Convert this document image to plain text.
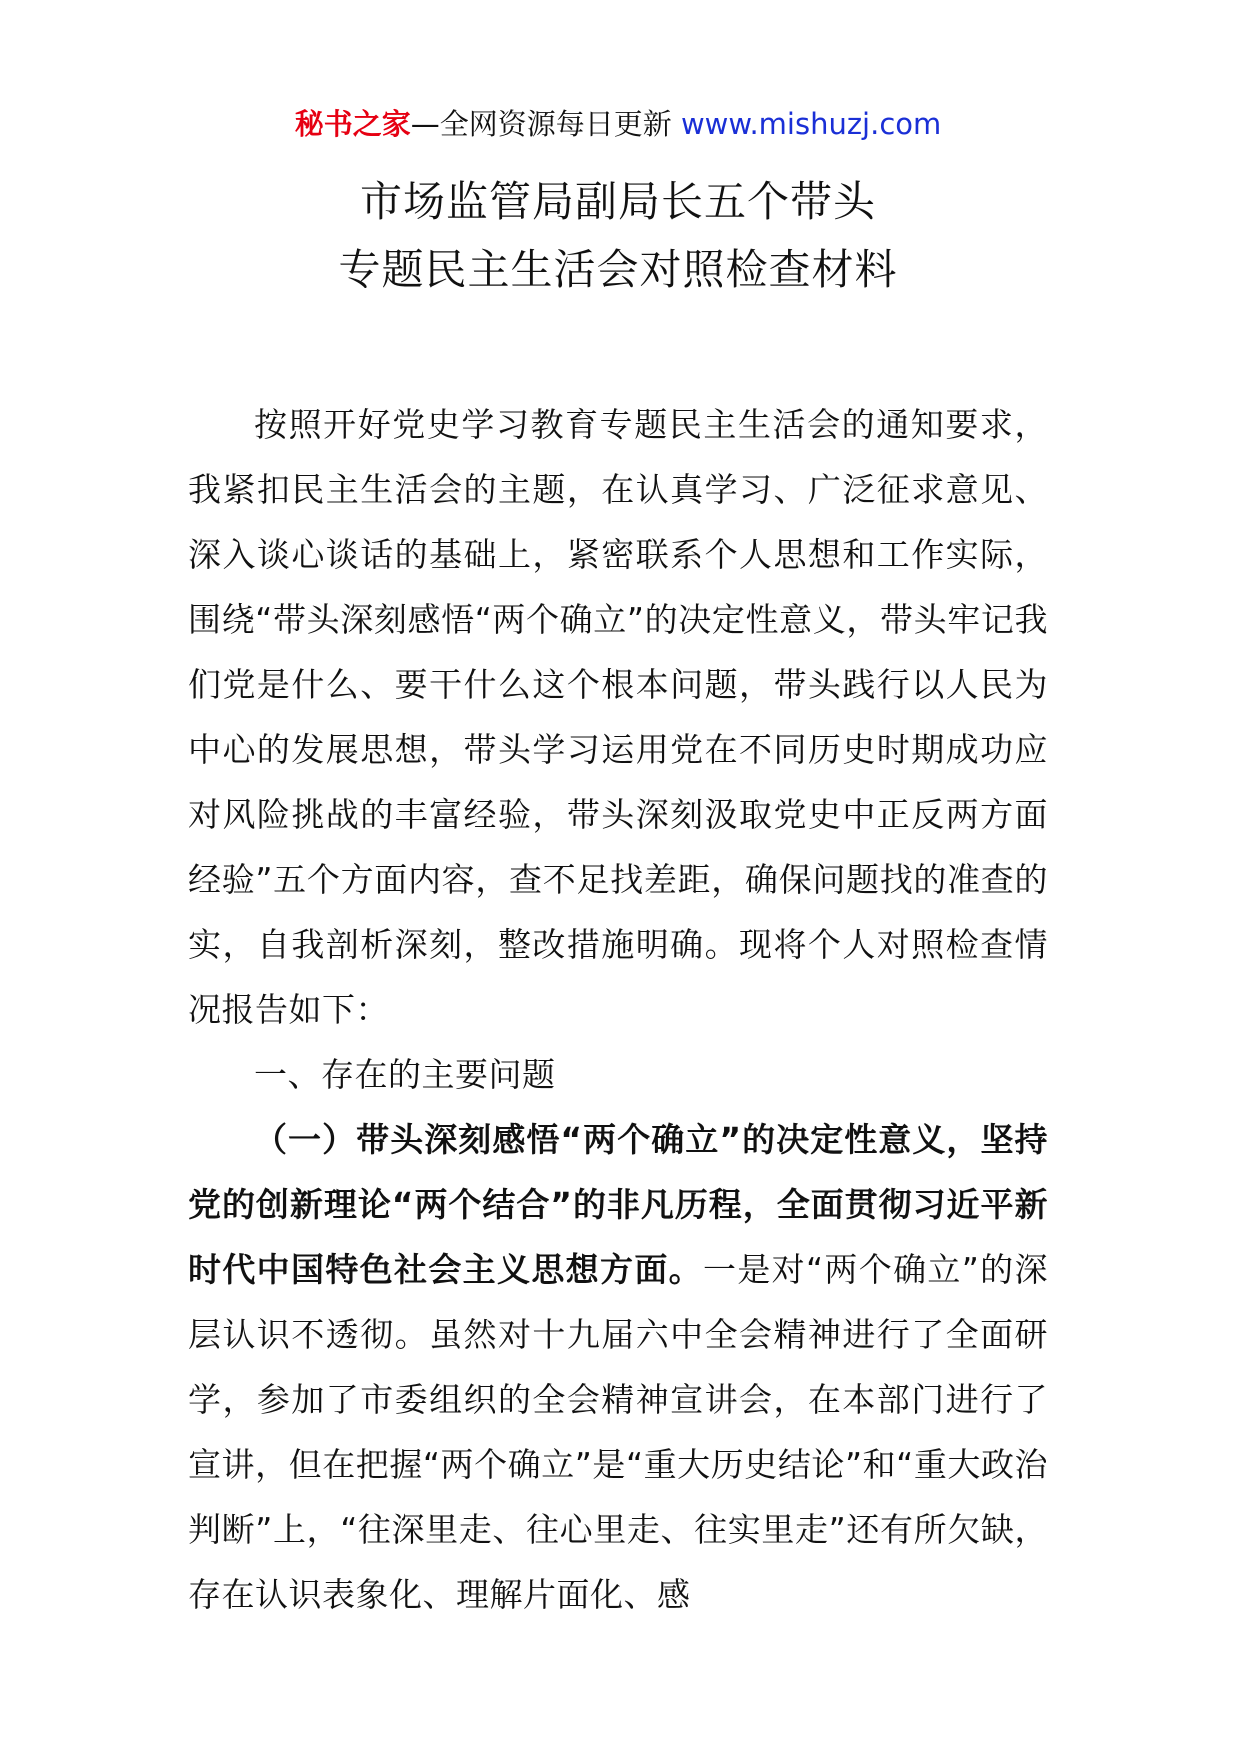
秘书之家—全网资源每日更新 www.mishuzj.com
市场监管局副局长五个带头
专题民主生活会对照检查材料

按照开好党史学习教育专题民主生活会的通知要求，我紧扣民主生活会的主题，在认真学习、广泛征求意见、深入谈心谈话的基础上，紧密联系个人思想和工作实际，围绕“带头深刻感悟“两个确立”的决定性意义，带头牢记我们党是什么、要干什么这个根本问题，带头践行以人民为中心的发展思想，带头学习运用党在不同历史时期成功应对风险挑战的丰富经验，带头深刻汲取党史中正反两方面经验”五个方面内容，查不足找差距，确保问题找的准查的实，自我剖析深刻，整改措施明确。现将个人对照检查情况报告如下：

一、存在的主要问题

（一）带头深刻感悟“两个确立”的决定性意义，坚持党的创新理论“两个结合”的非凡历程，全面贯彻习近平新时代中国特色社会主义思想方面。一是对“两个确立”的深层认识不透彻。虽然对十九届六中全会精神进行了全面研学，参加了市委组织的全会精神宣讲会，在本部门进行了宣讲，但在把握“两个确立”是“重大历史结论”和“重大政治判断”上，“往深里走、往心里走、往实里走”还有所欠缺，存在认识表象化、理解片面化、感
